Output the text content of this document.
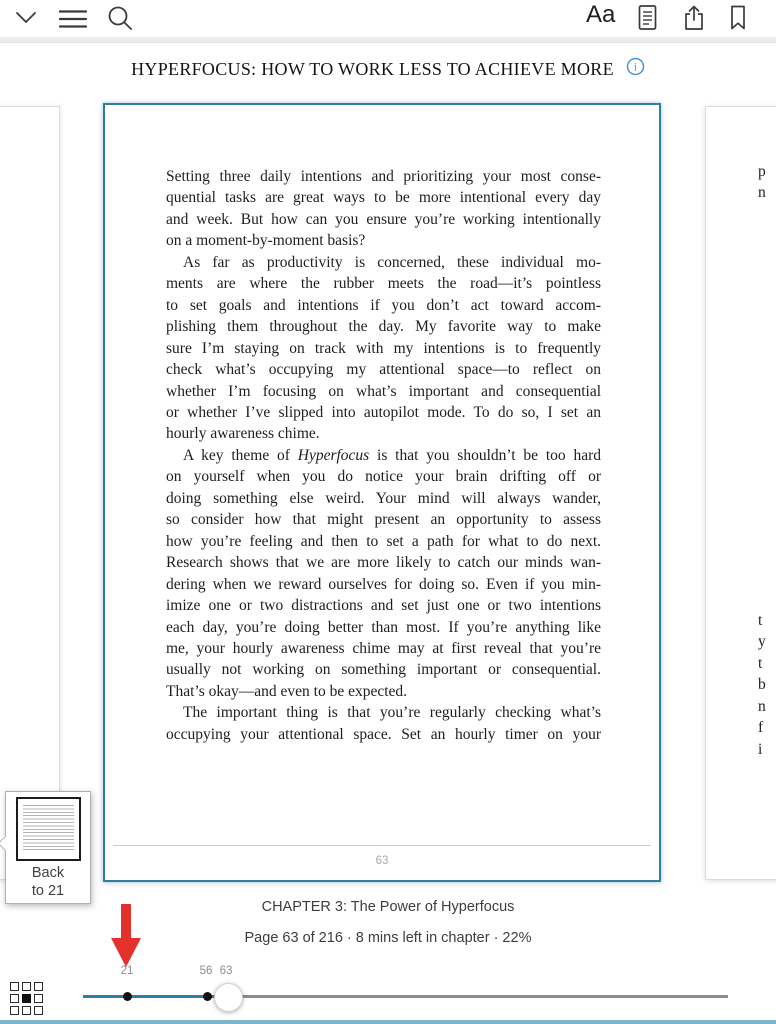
Aa
HYPERFOCUS: HOW TO WORK LESS TO ACHIEVE MORE i
p
n
t
y
t
b
n
f
i
Setting three daily intentions and prioritizing your most conse-
quential tasks are great ways to be more intentional every day
and week. But how can you ensure you’re working intentionally
on a moment-by-moment basis?
As far as productivity is concerned, these individual mo-
ments are where the rubber meets the road—it’s pointless
to set goals and intentions if you don’t act toward accom-
plishing them throughout the day. My favorite way to make
sure I’m staying on track with my intentions is to frequently
check what’s occupying my attentional space—to reflect on
whether I’m focusing on what’s important and consequential
or whether I’ve slipped into autopilot mode. To do so, I set an
hourly awareness chime.
A key theme of Hyperfocus is that you shouldn’t be too hard
on yourself when you do notice your brain drifting off or
doing something else weird. Your mind will always wander,
so consider how that might present an opportunity to assess
how you’re feeling and then to set a path for what to do next.
Research shows that we are more likely to catch our minds wan-
dering when we reward ourselves for doing so. Even if you min-
imize one or two distractions and set just one or two intentions
each day, you’re doing better than most. If you’re anything like
me, your hourly awareness chime may at first reveal that you’re
usually not working on something important or consequential.
That’s okay—and even to be expected.
The important thing is that you’re regularly checking what’s
occupying your attentional space. Set an hourly timer on your
63
Back
to 21
CHAPTER 3: The Power of Hyperfocus
Page 63 of 216 · 8 mins left in chapter · 22%
21	56 63
